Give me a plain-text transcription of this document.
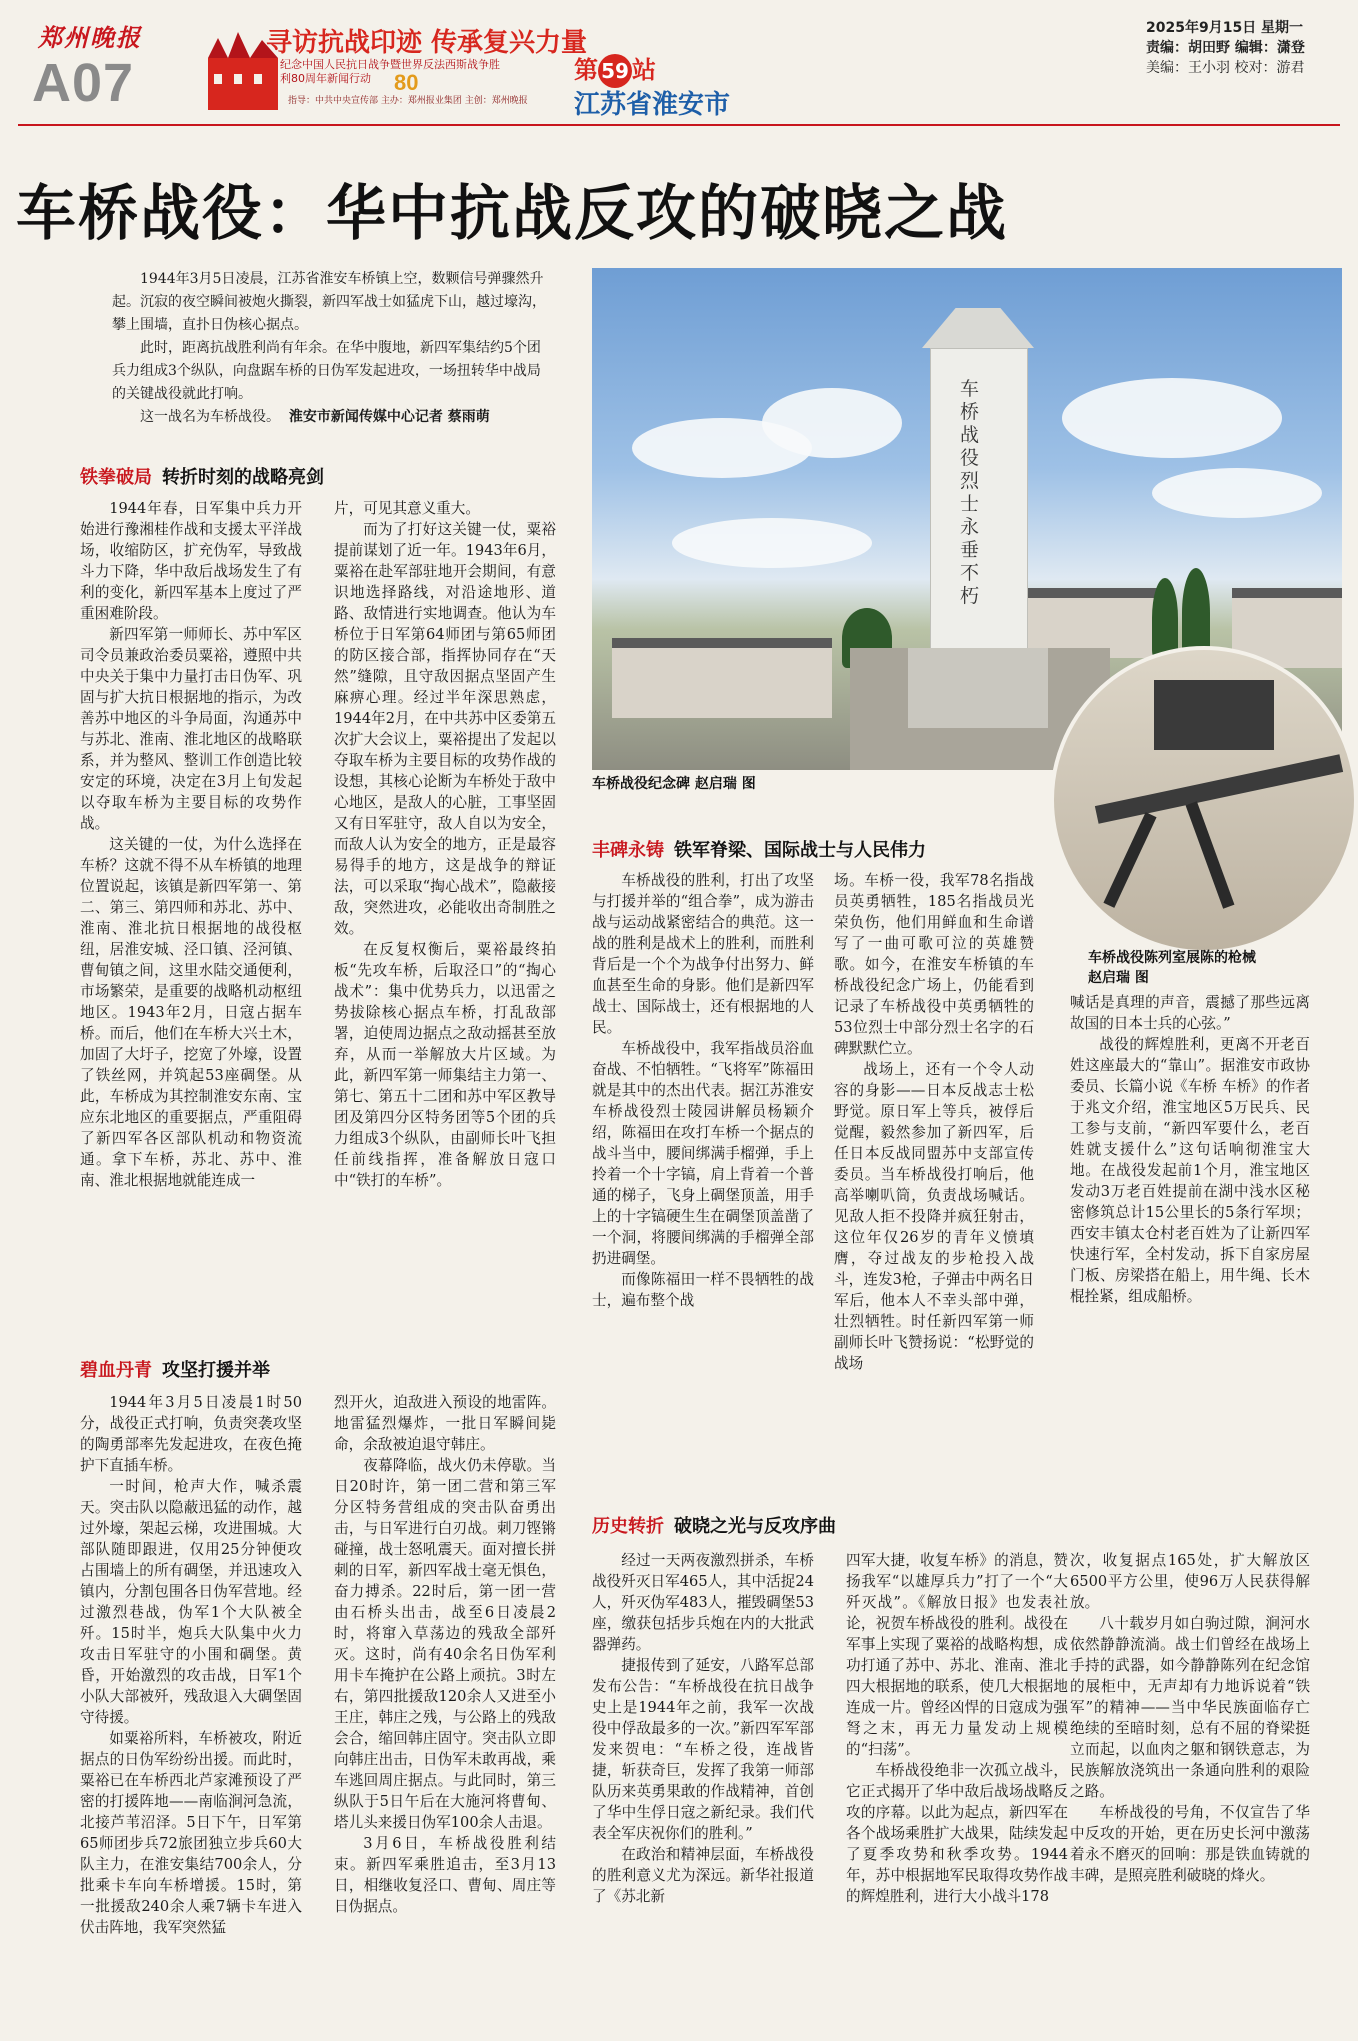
郑州晚报
A07
寻访抗战印迹 传承复兴力量
纪念中国人民抗日战争暨世界反法西斯战争胜利80周年新闻行动	80
指导：中共中央宣传部 主办：郑州报业集团 主创：郑州晚报
第 59 站
江苏省淮安市
2025年9月15日 星期一
责编：胡田野 编辑：潇登
美编：王小羽 校对：游君
车桥战役：华中抗战反攻的破晓之战

1944年3月5日凌晨，江苏省淮安车桥镇上空，数颗信号弹骤然升起。沉寂的夜空瞬间被炮火撕裂，新四军战士如猛虎下山，越过壕沟，攀上围墙，直扑日伪核心据点。

此时，距离抗战胜利尚有年余。在华中腹地，新四军集结约5个团兵力组成3个纵队，向盘踞车桥的日伪军发起进攻，一场扭转华中战局的关键战役就此打响。

这一战名为车桥战役。 淮安市新闻传媒中心记者 蔡雨萌

车桥战役烈士永垂不朽
车桥战役纪念碑 赵启瑞 图
车桥战役陈列室展陈的枪械
赵启瑞 图
铁拳破局 转折时刻的战略亮剑

1944年春，日军集中兵力开始进行豫湘桂作战和支援太平洋战场，收缩防区，扩充伪军，导致战斗力下降，华中敌后战场发生了有利的变化，新四军基本上度过了严重困难阶段。

新四军第一师师长、苏中军区司令员兼政治委员粟裕，遵照中共中央关于集中力量打击日伪军、巩固与扩大抗日根据地的指示，为改善苏中地区的斗争局面，沟通苏中与苏北、淮南、淮北地区的战略联系，并为整风、整训工作创造比较安定的环境，决定在3月上旬发起以夺取车桥为主要目标的攻势作战。

这关键的一仗，为什么选择在车桥？这就不得不从车桥镇的地理位置说起，该镇是新四军第一、第二、第三、第四师和苏北、苏中、淮南、淮北抗日根据地的战役枢纽，居淮安城、泾口镇、泾河镇、曹甸镇之间，这里水陆交通便利，市场繁荣，是重要的战略机动枢纽地区。1943年2月，日寇占据车桥。而后，他们在车桥大兴土木，加固了大圩子，挖宽了外壕，设置了铁丝网，并筑起53座碉堡。从此，车桥成为其控制淮安东南、宝应东北地区的重要据点，严重阻碍了新四军各区部队机动和物资流通。拿下车桥，苏北、苏中、淮南、淮北根据地就能连成一

片，可见其意义重大。

而为了打好这关键一仗，粟裕提前谋划了近一年。1943年6月，粟裕在赴军部驻地开会期间，有意识地选择路线，对沿途地形、道路、敌情进行实地调查。他认为车桥位于日军第64师团与第65师团的防区接合部，指挥协同存在“天然”缝隙，且守敌因据点坚固产生麻痹心理。经过半年深思熟虑，1944年2月，在中共苏中区委第五次扩大会议上，粟裕提出了发起以夺取车桥为主要目标的攻势作战的设想，其核心论断为车桥处于敌中心地区，是敌人的心脏，工事坚固又有日军驻守，敌人自以为安全，而敌人认为安全的地方，正是最容易得手的地方，这是战争的辩证法，可以采取“掏心战术”，隐蔽接敌，突然进攻，必能收出奇制胜之效。

在反复权衡后，粟裕最终拍板“先攻车桥，后取泾口”的“掏心战术”：集中优势兵力，以迅雷之势拔除核心据点车桥，打乱敌部署，迫使周边据点之敌动摇甚至放弃，从而一举解放大片区域。为此，新四军第一师集结主力第一、第七、第五十二团和苏中军区教导团及第四分区特务团等5个团的兵力组成3个纵队，由副师长叶飞担任前线指挥，准备解放日寇口中“铁打的车桥”。

碧血丹青 攻坚打援并举

1944年3月5日凌晨1时50分，战役正式打响，负责突袭攻坚的陶勇部率先发起进攻，在夜色掩护下直插车桥。

一时间，枪声大作，喊杀震天。突击队以隐蔽迅猛的动作，越过外壕，架起云梯，攻进围城。大部队随即跟进，仅用25分钟便攻占围墙上的所有碉堡，并迅速攻入镇内，分割包围各日伪军营地。经过激烈巷战，伪军1个大队被全歼。15时半，炮兵大队集中火力攻击日军驻守的小围和碉堡。黄昏，开始激烈的攻击战，日军1个小队大部被歼，残敌退入大碉堡固守待援。

如粟裕所料，车桥被攻，附近据点的日伪军纷纷出援。而此时，粟裕已在车桥西北芦家滩预设了严密的打援阵地——南临涧河急流，北接芦苇沼泽。5日下午，日军第65师团步兵72旅团独立步兵60大队主力，在淮安集结700余人，分批乘卡车向车桥增援。15时，第一批援敌240余人乘7辆卡车进入伏击阵地，我军突然猛

烈开火，迫敌进入预设的地雷阵。地雷猛烈爆炸，一批日军瞬间毙命，余敌被迫退守韩庄。

夜幕降临，战火仍未停歇。当日20时许，第一团二营和第三军分区特务营组成的突击队奋勇出击，与日军进行白刃战。刺刀铿锵碰撞，战士怒吼震天。面对擅长拼刺的日军，新四军战士毫无惧色，奋力搏杀。22时后，第一团一营由石桥头出击，战至6日凌晨2时，将窜入草荡边的残敌全部歼灭。这时，尚有40余名日伪军利用卡车掩护在公路上顽抗。3时左右，第四批援敌120余人又进至小王庄，韩庄之残，与公路上的残敌会合，缩回韩庄固守。突击队立即向韩庄出击，日伪军未敢再战，乘车逃回周庄据点。与此同时，第三纵队于5日午后在大施河将曹甸、塔儿头来援日伪军100余人击退。

3月6日，车桥战役胜利结束。新四军乘胜追击，至3月13日，相继收复泾口、曹甸、周庄等日伪据点。

丰碑永铸 铁军脊梁、国际战士与人民伟力

车桥战役的胜利，打出了攻坚与打援并举的“组合拳”，成为游击战与运动战紧密结合的典范。这一战的胜利是战术上的胜利，而胜利背后是一个个为战争付出努力、鲜血甚至生命的身影。他们是新四军战士、国际战士，还有根据地的人民。

车桥战役中，我军指战员浴血奋战、不怕牺牲。“飞将军”陈福田就是其中的杰出代表。据江苏淮安车桥战役烈士陵园讲解员杨颖介绍，陈福田在攻打车桥一个据点的战斗当中，腰间绑满手榴弹，手上拎着一个十字镐，肩上背着一个普通的梯子，飞身上碉堡顶盖，用手上的十字镐硬生生在碉堡顶盖凿了一个洞，将腰间绑满的手榴弹全部扔进碉堡。

而像陈福田一样不畏牺牲的战士，遍布整个战

场。车桥一役，我军78名指战员英勇牺牲，185名指战员光荣负伤，他们用鲜血和生命谱写了一曲可歌可泣的英雄赞歌。如今，在淮安车桥镇的车桥战役纪念广场上，仍能看到记录了车桥战役中英勇牺牲的53位烈士中部分烈士名字的石碑默默伫立。

战场上，还有一个令人动容的身影——日本反战志士松野觉。原日军上等兵，被俘后觉醒，毅然参加了新四军，后任日本反战同盟苏中支部宣传委员。当车桥战役打响后，他高举喇叭筒，负责战场喊话。见敌人拒不投降并疯狂射击，这位年仅26岁的青年义愤填膺，夺过战友的步枪投入战斗，连发3枪，子弹击中两名日军后，他本人不幸头部中弹，壮烈牺牲。时任新四军第一师副师长叶飞赞扬说：“松野觉的战场

喊话是真理的声音，震撼了那些远离故国的日本士兵的心弦。”

战役的辉煌胜利，更离不开老百姓这座最大的“靠山”。据淮安市政协委员、长篇小说《车桥 车桥》的作者于兆文介绍，淮宝地区5万民兵、民工参与支前，“新四军要什么，老百姓就支援什么”这句话响彻淮宝大地。在战役发起前1个月，淮宝地区发动3万老百姓提前在湖中浅水区秘密修筑总计15公里长的5条行军坝；西安丰镇太仓村老百姓为了让新四军快速行军，全村发动，拆下自家房屋门板、房梁搭在船上，用牛绳、长木棍拴紧，组成船桥。

历史转折 破晓之光与反攻序曲

经过一天两夜激烈拼杀，车桥战役歼灭日军465人，其中活捉24人，歼灭伪军483人，摧毁碉堡53座，缴获包括步兵炮在内的大批武器弹药。

捷报传到了延安，八路军总部发布公告：“车桥战役在抗日战争史上是1944年之前，我军一次战役中俘敌最多的一次。”新四军军部发来贺电：“车桥之役，连战皆捷，斩获奇巨，发挥了我第一师部队历来英勇果敢的作战精神，首创了华中生俘日寇之新纪录。我们代表全军庆祝你们的胜利。”

在政治和精神层面，车桥战役的胜利意义尤为深远。新华社报道了《苏北新

四军大捷，收复车桥》的消息，赞扬我军“以雄厚兵力”打了一个“大歼灭战”。《解放日报》也发表社论，祝贺车桥战役的胜利。战役在军事上实现了粟裕的战略构想，成功打通了苏中、苏北、淮南、淮北四大根据地的联系，使几大根据地连成一片。曾经凶悍的日寇成为强弩之末，再无力量发动上规模的“扫荡”。

车桥战役绝非一次孤立战斗，它正式揭开了华中敌后战场战略反攻的序幕。以此为起点，新四军在各个战场乘胜扩大战果，陆续发起了夏季攻势和秋季攻势。1944年，苏中根据地军民取得攻势作战的辉煌胜利，进行大小战斗178

次，收复据点165处，扩大解放区6500平方公里，使96万人民获得解放。

八十载岁月如白驹过隙，涧河水依然静静流淌。战士们曾经在战场上手持的武器，如今静静陈列在纪念馆的展柜中，无声却有力地诉说着“铁军”的精神——当中华民族面临存亡绝续的至暗时刻，总有不屈的脊梁挺立而起，以血肉之躯和钢铁意志，为民族解放浇筑出一条通向胜利的艰险之路。

车桥战役的号角，不仅宣告了华中反攻的开始，更在历史长河中激荡着永不磨灭的回响：那是铁血铸就的丰碑，是照亮胜利破晓的烽火。
